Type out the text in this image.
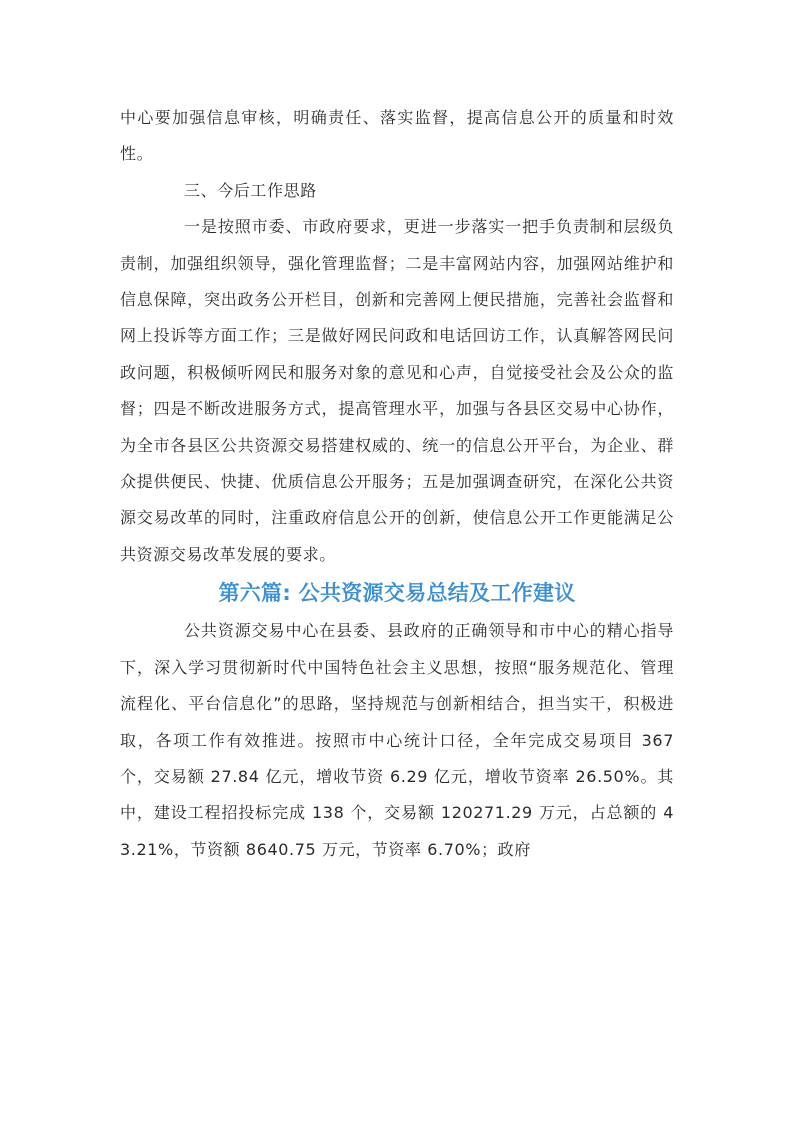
中心要加强信息审核，明确责任、落实监督，提高信息公开的质量和时效性。

三、今后工作思路

一是按照市委、市政府要求，更进一步落实一把手负责制和层级负责制，加强组织领导，强化管理监督；二是丰富网站内容，加强网站维护和信息保障，突出政务公开栏目，创新和完善网上便民措施，完善社会监督和网上投诉等方面工作；三是做好网民问政和电话回访工作，认真解答网民问政问题，积极倾听网民和服务对象的意见和心声，自觉接受社会及公众的监督；四是不断改进服务方式，提高管理水平，加强与各县区交易中心协作，为全市各县区公共资源交易搭建权威的、统一的信息公开平台，为企业、群众提供便民、快捷、优质信息公开服务；五是加强调查研究，在深化公共资源交易改革的同时，注重政府信息公开的创新，使信息公开工作更能满足公共资源交易改革发展的要求。

第六篇: 公共资源交易总结及工作建议

公共资源交易中心在县委、县政府的正确领导和市中心的精心指导下，深入学习贯彻新时代中国特色社会主义思想，按照“服务规范化、管理流程化、平台信息化”的思路，坚持规范与创新相结合，担当实干，积极进取，各项工作有效推进。按照市中心统计口径，全年完成交易项目 367 个，交易额 27.84 亿元，增收节资 6.29 亿元，增收节资率 26.50%。其中，建设工程招投标完成 138 个，交易额 120271.29 万元，占总额的 43.21%，节资额 8640.75 万元，节资率 6.70%；政府
